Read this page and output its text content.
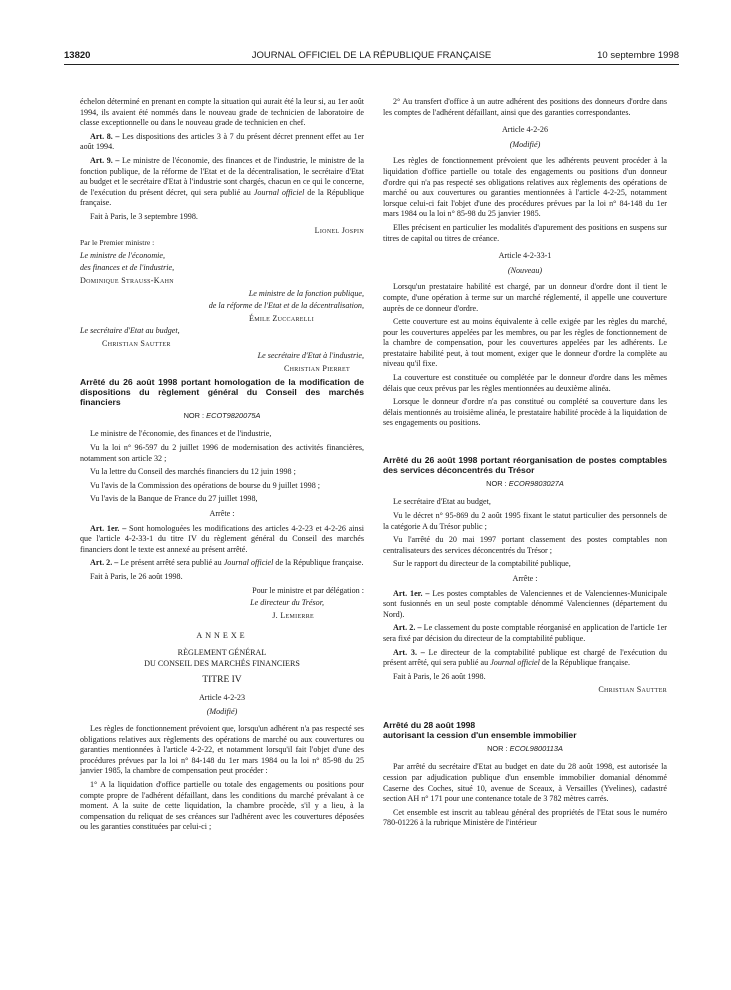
13820	JOURNAL OFFICIEL DE LA RÉPUBLIQUE FRANÇAISE	10 septembre 1998

échelon déterminé en prenant en compte la situation qui aurait été la leur si, au 1er août 1994, ils avaient été nommés dans le nouveau grade de technicien de laboratoire de classe exceptionnelle ou dans le nouveau grade de technicien en chef.

Art. 8. – Les dispositions des articles 3 à 7 du présent décret prennent effet au 1er août 1994.

Art. 9. – Le ministre de l'économie, des finances et de l'industrie, le ministre de la fonction publique, de la réforme de l'Etat et de la décentralisation, le secrétaire d'Etat au budget et le secrétaire d'Etat à l'industrie sont chargés, chacun en ce qui le concerne, de l'exécution du présent décret, qui sera publié au Journal officiel de la République française.

Fait à Paris, le 3 septembre 1998.

Lionel Jospin
Par le Premier ministre :
Le ministre de l'économie,
des finances et de l'industrie,
Dominique Strauss-Kahn
Le ministre de la fonction publique,
de la réforme de l'Etat et de la décentralisation,
Émile Zuccarelli
Le secrétaire d'Etat au budget,
Christian Sautter
Le secrétaire d'Etat à l'industrie,
Christian Pierret

Arrêté du 26 août 1998 portant homologation de la modification de dispositions du règlement général du Conseil des marchés financiers

NOR : ECOT9820075A

Le ministre de l'économie, des finances et de l'industrie,

Vu la loi n° 96-597 du 2 juillet 1996 de modernisation des activités financières, notamment son article 32 ;

Vu la lettre du Conseil des marchés financiers du 12 juin 1998 ;

Vu l'avis de la Commission des opérations de bourse du 9 juillet 1998 ;

Vu l'avis de la Banque de France du 27 juillet 1998,

Arrête :

Art. 1er. – Sont homologuées les modifications des articles 4-2-23 et 4-2-26 ainsi que l'article 4-2-33-1 du titre IV du règlement général du Conseil des marchés financiers dont le texte est annexé au présent arrêté.

Art. 2. – Le présent arrêté sera publié au Journal officiel de la République française.

Fait à Paris, le 26 août 1998.

Pour le ministre et par délégation :
Le directeur du Trésor,
J. Lemierre
ANNEXE
RÈGLEMENT GÉNÉRAL
DU CONSEIL DES MARCHÉS FINANCIERS
TITRE IV
Article 4-2-23
(Modifié)

Les règles de fonctionnement prévoient que, lorsqu'un adhérent n'a pas respecté ses obligations relatives aux règlements des opérations de marché ou aux couvertures ou garanties mentionnées à l'article 4-2-22, et notamment lorsqu'il fait l'objet d'une des procédures prévues par la loi n° 84-148 du 1er mars 1984 ou la loi n° 85-98 du 25 janvier 1985, la chambre de compensation peut procéder :

1° A la liquidation d'office partielle ou totale des engagements ou positions pour compte propre de l'adhérent défaillant, dans les conditions du marché prévalant à ce moment. A la suite de cette liquidation, la chambre procède, s'il y a lieu, à la compensation du reliquat de ses créances sur l'adhérent avec les couvertures déposées ou les garanties constituées par celui-ci ;

2° Au transfert d'office à un autre adhérent des positions des donneurs d'ordre dans les comptes de l'adhérent défaillant, ainsi que des garanties correspondantes.

Article 4-2-26
(Modifié)

Les règles de fonctionnement prévoient que les adhérents peuvent procéder à la liquidation d'office partielle ou totale des engagements ou positions d'un donneur d'ordre qui n'a pas respecté ses obligations relatives aux règlements des opérations de marché ou aux couvertures ou garanties mentionnées à l'article 4-2-25, notamment lorsque celui-ci fait l'objet d'une des procédures prévues par la loi n° 84-148 du 1er mars 1984 ou la loi n° 85-98 du 25 janvier 1985.

Elles précisent en particulier les modalités d'apurement des positions en suspens sur titres de capital ou titres de créance.

Article 4-2-33-1
(Nouveau)

Lorsqu'un prestataire habilité est chargé, par un donneur d'ordre dont il tient le compte, d'une opération à terme sur un marché réglementé, il appelle une couverture auprès de ce donneur d'ordre.

Cette couverture est au moins équivalente à celle exigée par les règles du marché, pour les couvertures appelées par les membres, ou par les règles de fonctionnement de la chambre de compensation, pour les couvertures appelées par les adhérents. Le prestataire habilité peut, à tout moment, exiger que le donneur d'ordre la complète au niveau qu'il fixe.

La couverture est constituée ou complétée par le donneur d'ordre dans les mêmes délais que ceux prévus par les règles mentionnées au deuxième alinéa.

Lorsque le donneur d'ordre n'a pas constitué ou complété sa couverture dans les délais mentionnés au troisième alinéa, le prestataire habilité procède à la liquidation de ses engagements ou positions.

Arrêté du 26 août 1998 portant réorganisation de postes comptables des services déconcentrés du Trésor

NOR : ECOR9803027A

Le secrétaire d'Etat au budget,

Vu le décret n° 95-869 du 2 août 1995 fixant le statut particulier des personnels de la catégorie A du Trésor public ;

Vu l'arrêté du 20 mai 1997 portant classement des postes comptables non centralisateurs des services déconcentrés du Trésor ;

Sur le rapport du directeur de la comptabilité publique,

Arrête :

Art. 1er. – Les postes comptables de Valenciennes et de Valenciennes-Municipale sont fusionnés en un seul poste comptable dénommé Valenciennes (département du Nord).

Art. 2. – Le classement du poste comptable réorganisé en application de l'article 1er sera fixé par décision du directeur de la comptabilité publique.

Art. 3. – Le directeur de la comptabilité publique est chargé de l'exécution du présent arrêté, qui sera publié au Journal officiel de la République française.

Fait à Paris, le 26 août 1998.

Christian Sautter

Arrêté du 28 août 1998

autorisant la cession d'un ensemble immobilier

NOR : ECOL9800113A

Par arrêté du secrétaire d'Etat au budget en date du 28 août 1998, est autorisée la cession par adjudication publique d'un ensemble immobilier domanial dénommé Caserne des Coches, situé 10, avenue de Sceaux, à Versailles (Yvelines), cadastré section AH n° 171 pour une contenance totale de 3 782 mètres carrés.

Cet ensemble est inscrit au tableau général des propriétés de l'Etat sous le numéro 780-01226 à la rubrique Ministère de l'intérieur
